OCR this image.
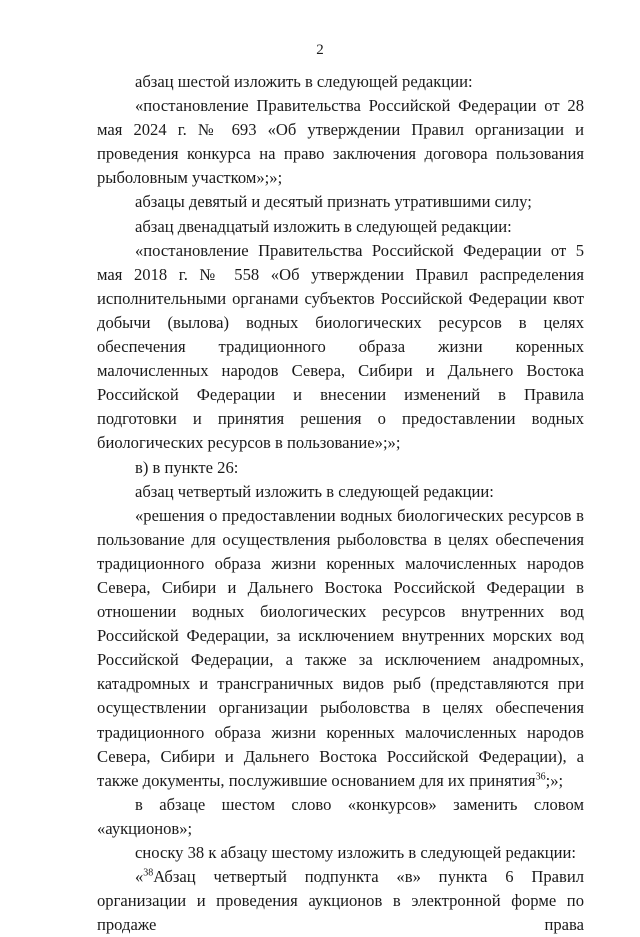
2

абзац шестой изложить в следующей редакции:

«постановление Правительства Российской Федерации от 28 мая 2024 г. № 693 «Об утверждении Правил организации и проведения конкурса на право заключения договора пользования рыболовным участком»;»;

абзацы девятый и десятый признать утратившими силу;

абзац двенадцатый изложить в следующей редакции:

«постановление Правительства Российской Федерации от 5 мая 2018 г. № 558 «Об утверждении Правил распределения исполнительными органами субъектов Российской Федерации квот добычи (вылова) водных биологических ресурсов в целях обеспечения традиционного образа жизни коренных малочисленных народов Севера, Сибири и Дальнего Востока Российской Федерации и внесении изменений в Правила подготовки и принятия решения о предоставлении водных биологических ресурсов в пользование»;»;

в) в пункте 26:

абзац четвертый изложить в следующей редакции:

«решения о предоставлении водных биологических ресурсов в пользование для осуществления рыболовства в целях обеспечения традиционного образа жизни коренных малочисленных народов Севера, Сибири и Дальнего Востока Российской Федерации в отношении водных биологических ресурсов внутренних вод Российской Федерации, за исключением внутренних морских вод Российской Федерации, а также за исключением анадромных, катадромных и трансграничных видов рыб (представляются при осуществлении организации рыболовства в целях обеспечения традиционного образа жизни коренных малочисленных народов Севера, Сибири и Дальнего Востока Российской Федерации), а также документы, послужившие основанием для их принятия$^{36}$;»;

в абзаце шестом слово «конкурсов» заменить словом «аукционов»;

сноску 38 к абзацу шестому изложить в следующей редакции:

«$^{38}$Абзац четвертый подпункта «в» пункта 6 Правил организации и проведения аукционов в электронной форме по продаже права
